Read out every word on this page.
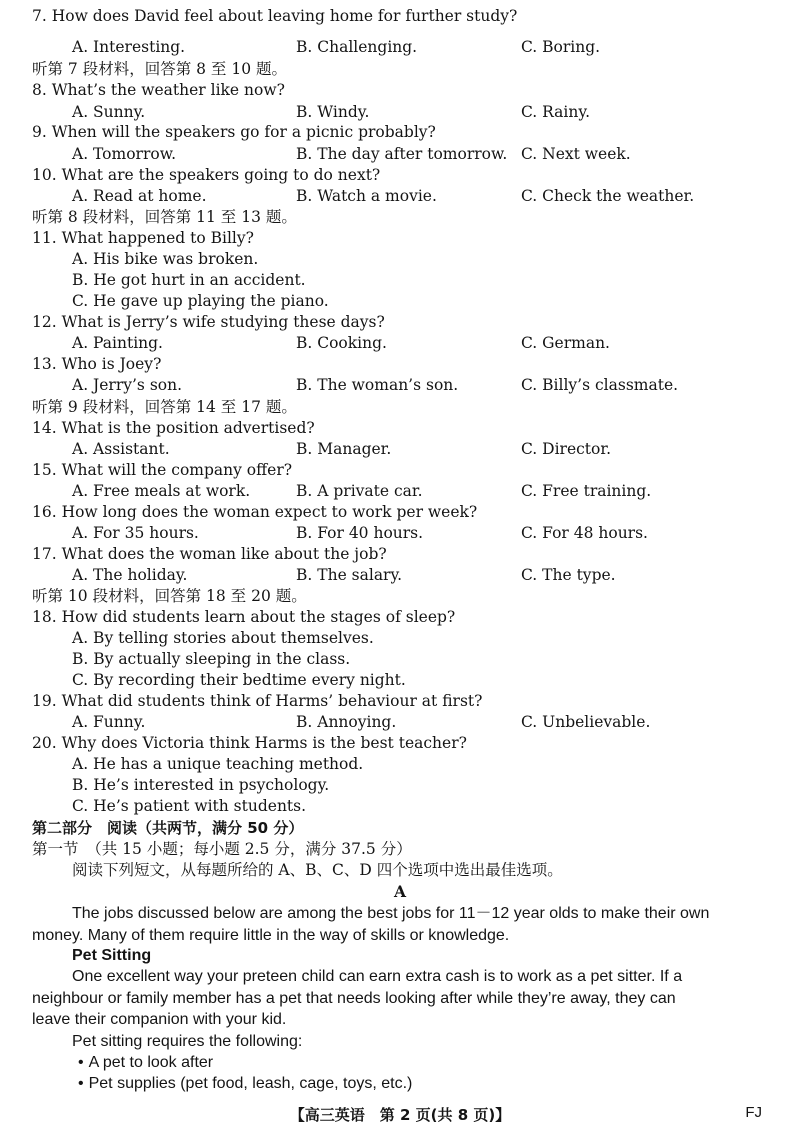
7. How does David feel about leaving home for further study?
A. Interesting.	B. Challenging.	C. Boring.
听第 7 段材料，回答第 8 至 10 题。
8. What’s the weather like now?
A. Sunny.	B. Windy.	C. Rainy.
9. When will the speakers go for a picnic probably?
A. Tomorrow.	B. The day after tomorrow. C. Next week.
10. What are the speakers going to do next?
A. Read at home.	B. Watch a movie.	C. Check the weather.
听第 8 段材料，回答第 11 至 13 题。
11. What happened to Billy?
A. His bike was broken.
B. He got hurt in an accident.
C. He gave up playing the piano.
12. What is Jerry’s wife studying these days?
A. Painting.	B. Cooking.	C. German.
13. Who is Joey?
A. Jerry’s son.	B. The woman’s son.	C. Billy’s classmate.
听第 9 段材料，回答第 14 至 17 题。
14. What is the position advertised?
A. Assistant.	B. Manager.	C. Director.
15. What will the company offer?
A. Free meals at work.	B. A private car.	C. Free training.
16. How long does the woman expect to work per week?
A. For 35 hours.	B. For 40 hours.	C. For 48 hours.
17. What does the woman like about the job?
A. The holiday.	B. The salary.	C. The type.
听第 10 段材料，回答第 18 至 20 题。
18. How did students learn about the stages of sleep?
A. By telling stories about themselves.
B. By actually sleeping in the class.
C. By recording their bedtime every night.
19. What did students think of Harms’ behaviour at first?
A. Funny.	B. Annoying.	C. Unbelievable.
20. Why does Victoria think Harms is the best teacher?
A. He has a unique teaching method.
B. He’s interested in psychology.
C. He’s patient with students.
第二部分　阅读（共两节，满分 50 分）
第一节　（共 15 小题；每小题 2.5 分，满分 37.5 分）
阅读下列短文，从每题所给的 A、B、C、D 四个选项中选出最佳选项。
A
The jobs discussed below are among the best jobs for 11－12 year olds to make their own
money. Many of them require little in the way of skills or knowledge.
Pet Sitting
One excellent way your preteen child can earn extra cash is to work as a pet sitter. If a
neighbour or family member has a pet that needs looking after while they’re away, they can
leave their companion with your kid.
Pet sitting requires the following:
• A pet to look after
• Pet supplies (pet food, leash, cage, toys, etc.)
【高三英语　第 2 页(共 8 页)】	FJ
